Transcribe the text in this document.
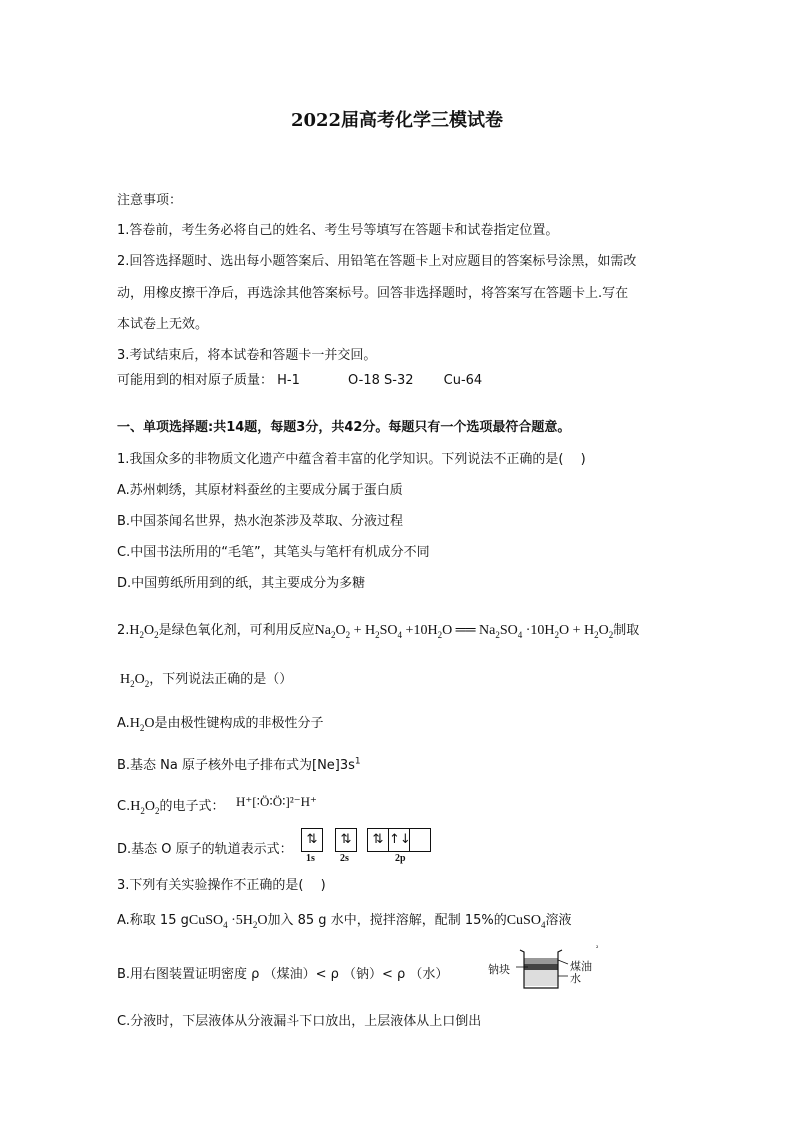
2022届高考化学三模试卷
注意事项：
1.答卷前，考生务必将自己的姓名、考生号等填写在答题卡和试卷指定位置。
2.回答选择题时、选出每小题答案后、用铅笔在答题卡上对应题目的答案标号涂黑，如需改
动，用橡皮擦干净后，再选涂其他答案标号。回答非选择题时，将答案写在答题卡上.写在
本试卷上无效。
3.考试结束后，将本试卷和答题卡一并交回。
可能用到的相对原子质量： H-1	O-18 S-32 Cu-64
一、单项选择题:共14题，每题3分，共42分。每题只有一个选项最符合题意。
1.我国众多的非物质文化遗产中蕴含着丰富的化学知识。下列说法不正确的是(　 )
A.苏州刺绣，其原材料蚕丝的主要成分属于蛋白质
B.中国茶闻名世界，热水泡茶涉及萃取、分液过程
C.中国书法所用的“毛笔”，其笔头与笔杆有机成分不同
D.中国剪纸所用到的纸，其主要成分为多糖
$2.H_2O_2$是绿色氧化剂，可利用反应$Na_2O_2 + H_2SO_4 +10H_2O$ ══ $Na_2SO_4 \cdot 10H_2O + H_2O_2$制取
$H_2O_2$，下列说法正确的是（）
$A.H_2O$是由极性键构成的非极性分子
B.基态 Na 原子核外电子排布式为$[Ne]3s^1$
$C.H_2O_2$的电子式： H⁺[∶Ö∶Ö∶]²⁻H⁺
D.基态 O 原子的轨道表示式：
⇅	⇅	⇅ ↑↓
1s	2s	2p
3.下列有关实验操作不正确的是(　 )
A.称取 15 gCuSO$_4$ $\cdot 5H_2O$加入 85 g 水中，搅拌溶解，配制 15%的CuSO$_4$溶液
B.用右图装置证明密度 ρ （煤油）< ρ （钠）< ρ （水）
²
钠块	煤油
水
C.分液时，下层液体从分液漏斗下口放出，上层液体从上口倒出
